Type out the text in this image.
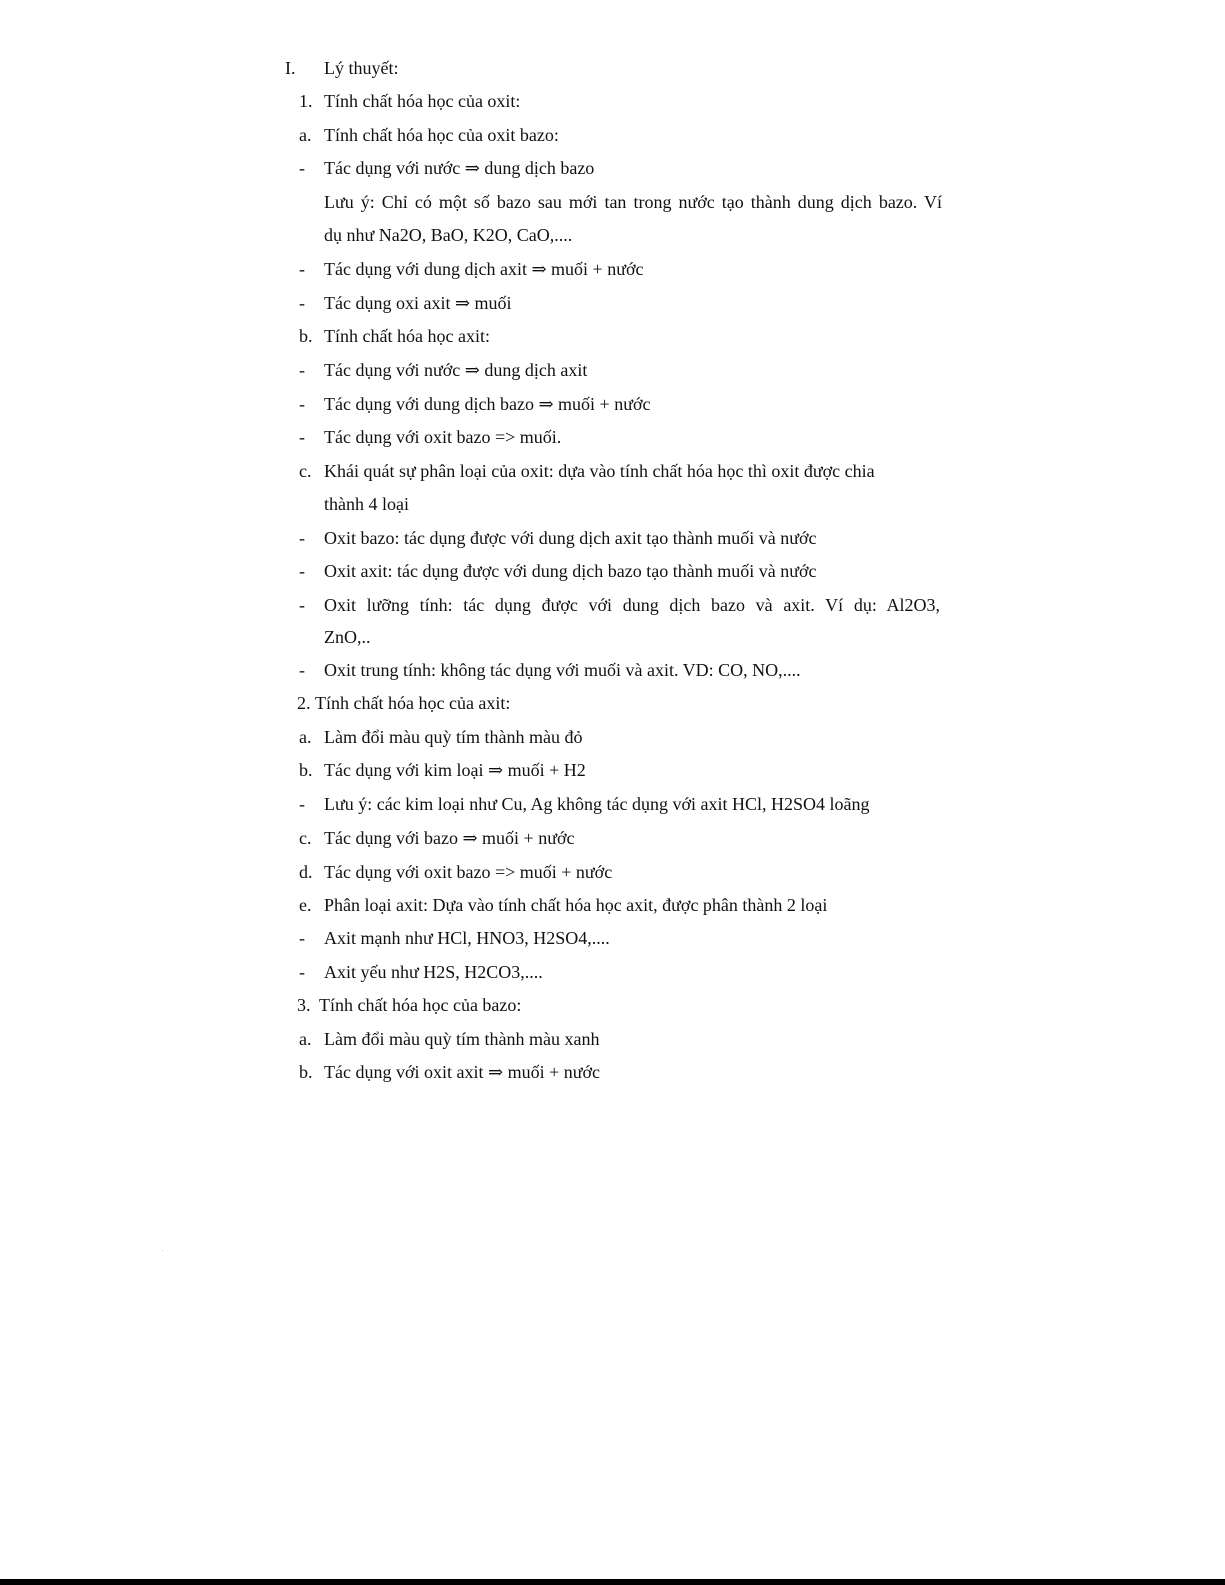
I. Lý thuyết:
1. Tính chất hóa học của oxit:
a. Tính chất hóa học của oxit bazo:
- Tác dụng với nước ⇒ dung dịch bazo
Lưu ý: Chỉ có một số bazo sau mới tan trong nước tạo thành dung dịch bazo. Ví
dụ như Na2O, BaO, K2O, CaO,....
- Tác dụng với dung dịch axit ⇒ muối + nước
- Tác dụng oxi axit ⇒ muối
b. Tính chất hóa học axit:
- Tác dụng với nước ⇒ dung dịch axit
- Tác dụng với dung dịch bazo ⇒ muối + nước
- Tác dụng với oxit bazo => muối.
c. Khái quát sự phân loại của oxit: dựa vào tính chất hóa học thì oxit được chia
thành 4 loại
- Oxit bazo: tác dụng được với dung dịch axit tạo thành muối và nước
- Oxit axit: tác dụng được với dung dịch bazo tạo thành muối và nước
- Oxit lưỡng tính: tác dụng được với dung dịch bazo và axit. Ví dụ: Al2O3,
ZnO,..
- Oxit trung tính: không tác dụng với muối và axit. VD: CO, NO,....
2. Tính chất hóa học của axit:
a. Làm đổi màu quỳ tím thành màu đỏ
b. Tác dụng với kim loại ⇒ muối + H2
- Lưu ý: các kim loại như Cu, Ag không tác dụng với axit HCl, H2SO4 loãng
c. Tác dụng với bazo ⇒ muối + nước
d. Tác dụng với oxit bazo => muối + nước
e. Phân loại axit: Dựa vào tính chất hóa học axit, được phân thành 2 loại
- Axit mạnh như HCl, HNO3, H2SO4,....
- Axit yếu như H2S, H2CO3,....
3. Tính chất hóa học của bazo:
a. Làm đổi màu quỳ tím thành màu xanh
b. Tác dụng với oxit axit ⇒ muối + nước
